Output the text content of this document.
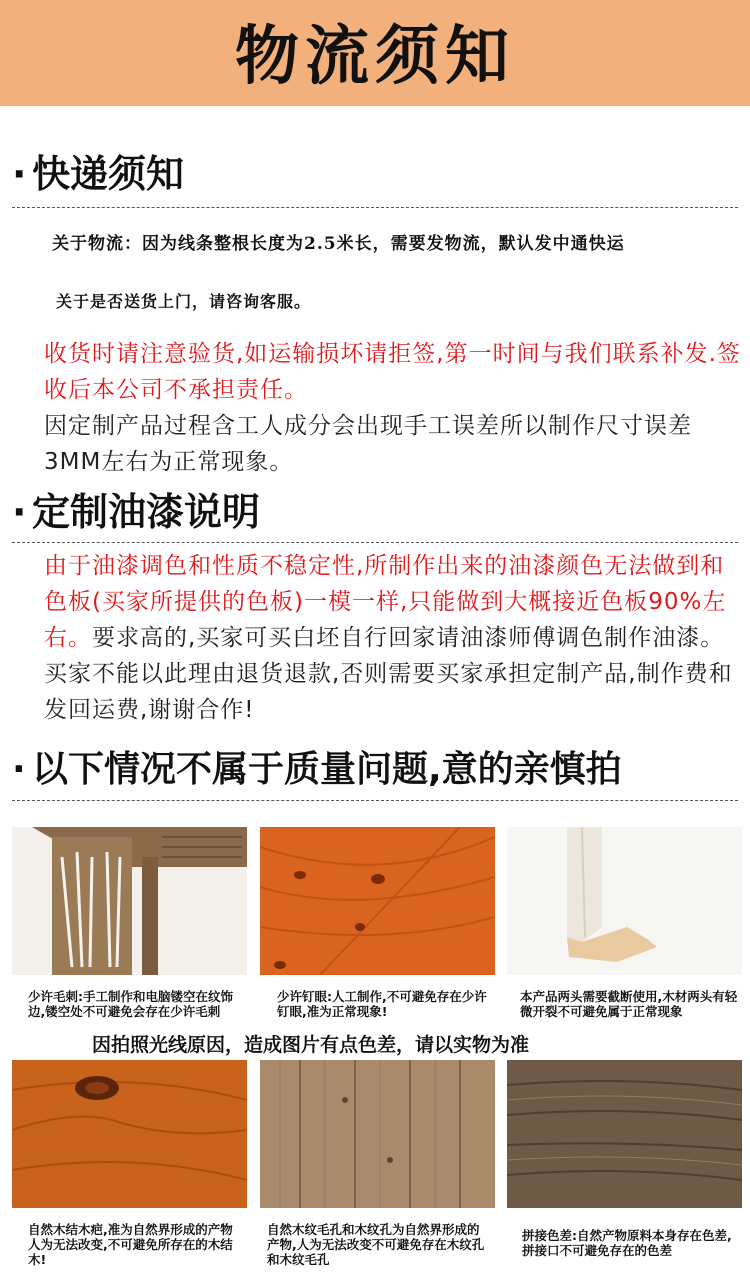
物流须知
· 快递须知
关于物流：因为线条整根长度为2.5米长，需要发物流，默认发中通快运
关于是否送货上门，请咨询客服。
收货时请注意验货,如运输损坏请拒签,第一时间与我们联系补发.签收后本公司不承担责任。
因定制产品过程含工人成分会出现手工误差所以制作尺寸误差3MM左右为正常现象。
· 定制油漆说明
由于油漆调色和性质不稳定性,所制作出来的油漆颜色无法做到和色板(买家所提供的色板)一模一样,只能做到大概接近色板90%左右。要求高的,买家可买白坯自行回家请油漆师傅调色制作油漆。买家不能以此理由退货退款,否则需要买家承担定制产品,制作费和发回运费,谢谢合作!
· 以下情况不属于质量问题,意的亲慎拍
少许毛刺:手工制作和电脑镂空在纹饰边,镂空处不可避免会存在少许毛刺
少许钉眼:人工制作,不可避免存在少许钉眼,准为正常现象!
本产品两头需要截断使用,木材两头有轻微开裂不可避免属于正常现象
因拍照光线原因，造成图片有点色差，请以实物为准
自然木结木疤,准为自然界形成的产物人为无法改变,不可避免所存在的木结木!
自然木纹毛孔和木纹孔为自然界形成的产物,人为无法改变不可避免存在木纹孔和木纹毛孔
拼接色差:自然产物原料本身存在色差,拼接口不可避免存在的色差
